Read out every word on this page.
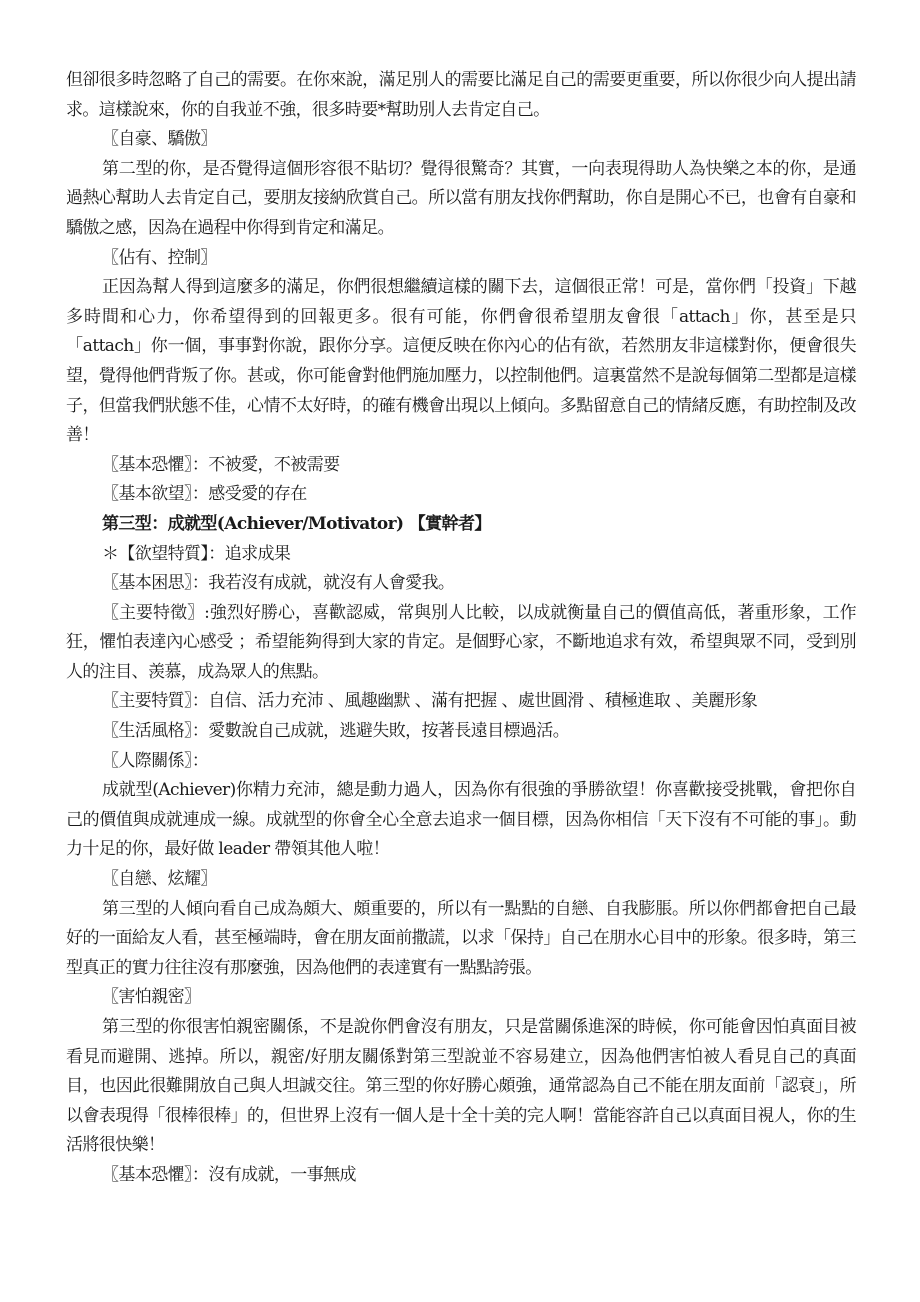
但卻很多時忽略了自己的需要。在你來說，滿足別人的需要比滿足自己的需要更重要，所以你很少向人提出請求。這樣說來，你的自我並不強，很多時要*幫助別人去肯定自己。

〖自豪、驕傲〗

第二型的你，是否覺得這個形容很不貼切？覺得很驚奇？其實，一向表現得助人為快樂之本的你，是通過熱心幫助人去肯定自己，要朋友接納欣賞自己。所以當有朋友找你們幫助，你自是開心不已，也會有自豪和驕傲之感，因為在過程中你得到肯定和滿足。

〖佔有、控制〗

正因為幫人得到這麼多的滿足，你們很想繼續這樣的關下去，這個很正常！可是，當你們「投資」下越多時間和心力，你希望得到的回報更多。很有可能，你們會很希望朋友會很「attach」你，甚至是只「attach」你一個，事事對你說，跟你分享。這便反映在你內心的佔有欲，若然朋友非這樣對你，便會很失望，覺得他們背叛了你。甚或，你可能會對他們施加壓力，以控制他們。這裏當然不是說每個第二型都是這樣子，但當我們狀態不佳，心情不太好時，的確有機會出現以上傾向。多點留意自己的情緒反應，有助控制及改善！

〖基本恐懼〗：不被愛，不被需要

〖基本欲望〗：感受愛的存在

第三型：成就型(Achiever/Motivator) 【實幹者】

＊【欲望特質】：追求成果

〖基本困思〗：我若沒有成就，就沒有人會愛我。

〖主要特徵〗:強烈好勝心，喜歡認威，常與別人比較，以成就衡量自己的價值高低，著重形象，工作狂，懼怕表達內心感受 ；希望能夠得到大家的肯定。是個野心家，不斷地追求有效，希望與眾不同，受到別人的注目、羡慕，成為眾人的焦點。

〖主要特質〗：自信、活力充沛 、風趣幽默 、滿有把握 、處世圓滑 、積極進取 、美麗形象

〖生活風格〗：愛數說自己成就，逃避失敗，按著長遠目標過活。

〖人際關係〗：

成就型(Achiever)你精力充沛，總是動力過人，因為你有很強的爭勝欲望！你喜歡接受挑戰，會把你自己的價值與成就連成一線。成就型的你會全心全意去追求一個目標，因為你相信「天下沒有不可能的事」。動力十足的你，最好做 leader 帶領其他人啦！

〖自戀、炫耀〗

第三型的人傾向看自己成為頗大、頗重要的，所以有一點點的自戀、自我膨脹。所以你們都會把自己最好的一面給友人看，甚至極端時，會在朋友面前撒謊，以求「保持」自己在朋水心目中的形象。很多時，第三型真正的實力往往沒有那麼強，因為他們的表達實有一點點誇張。

〖害怕親密〗

第三型的你很害怕親密關係，不是說你們會沒有朋友，只是當關係進深的時候，你可能會因怕真面目被看見而避開、逃掉。所以，親密/好朋友關係對第三型說並不容易建立，因為他們害怕被人看見自己的真面目，也因此很難開放自己與人坦誠交往。第三型的你好勝心頗強，通常認為自己不能在朋友面前「認衰」，所以會表現得「很棒很棒」的，但世界上沒有一個人是十全十美的完人啊！當能容許自己以真面目視人，你的生活將很快樂！

〖基本恐懼〗：沒有成就，一事無成
